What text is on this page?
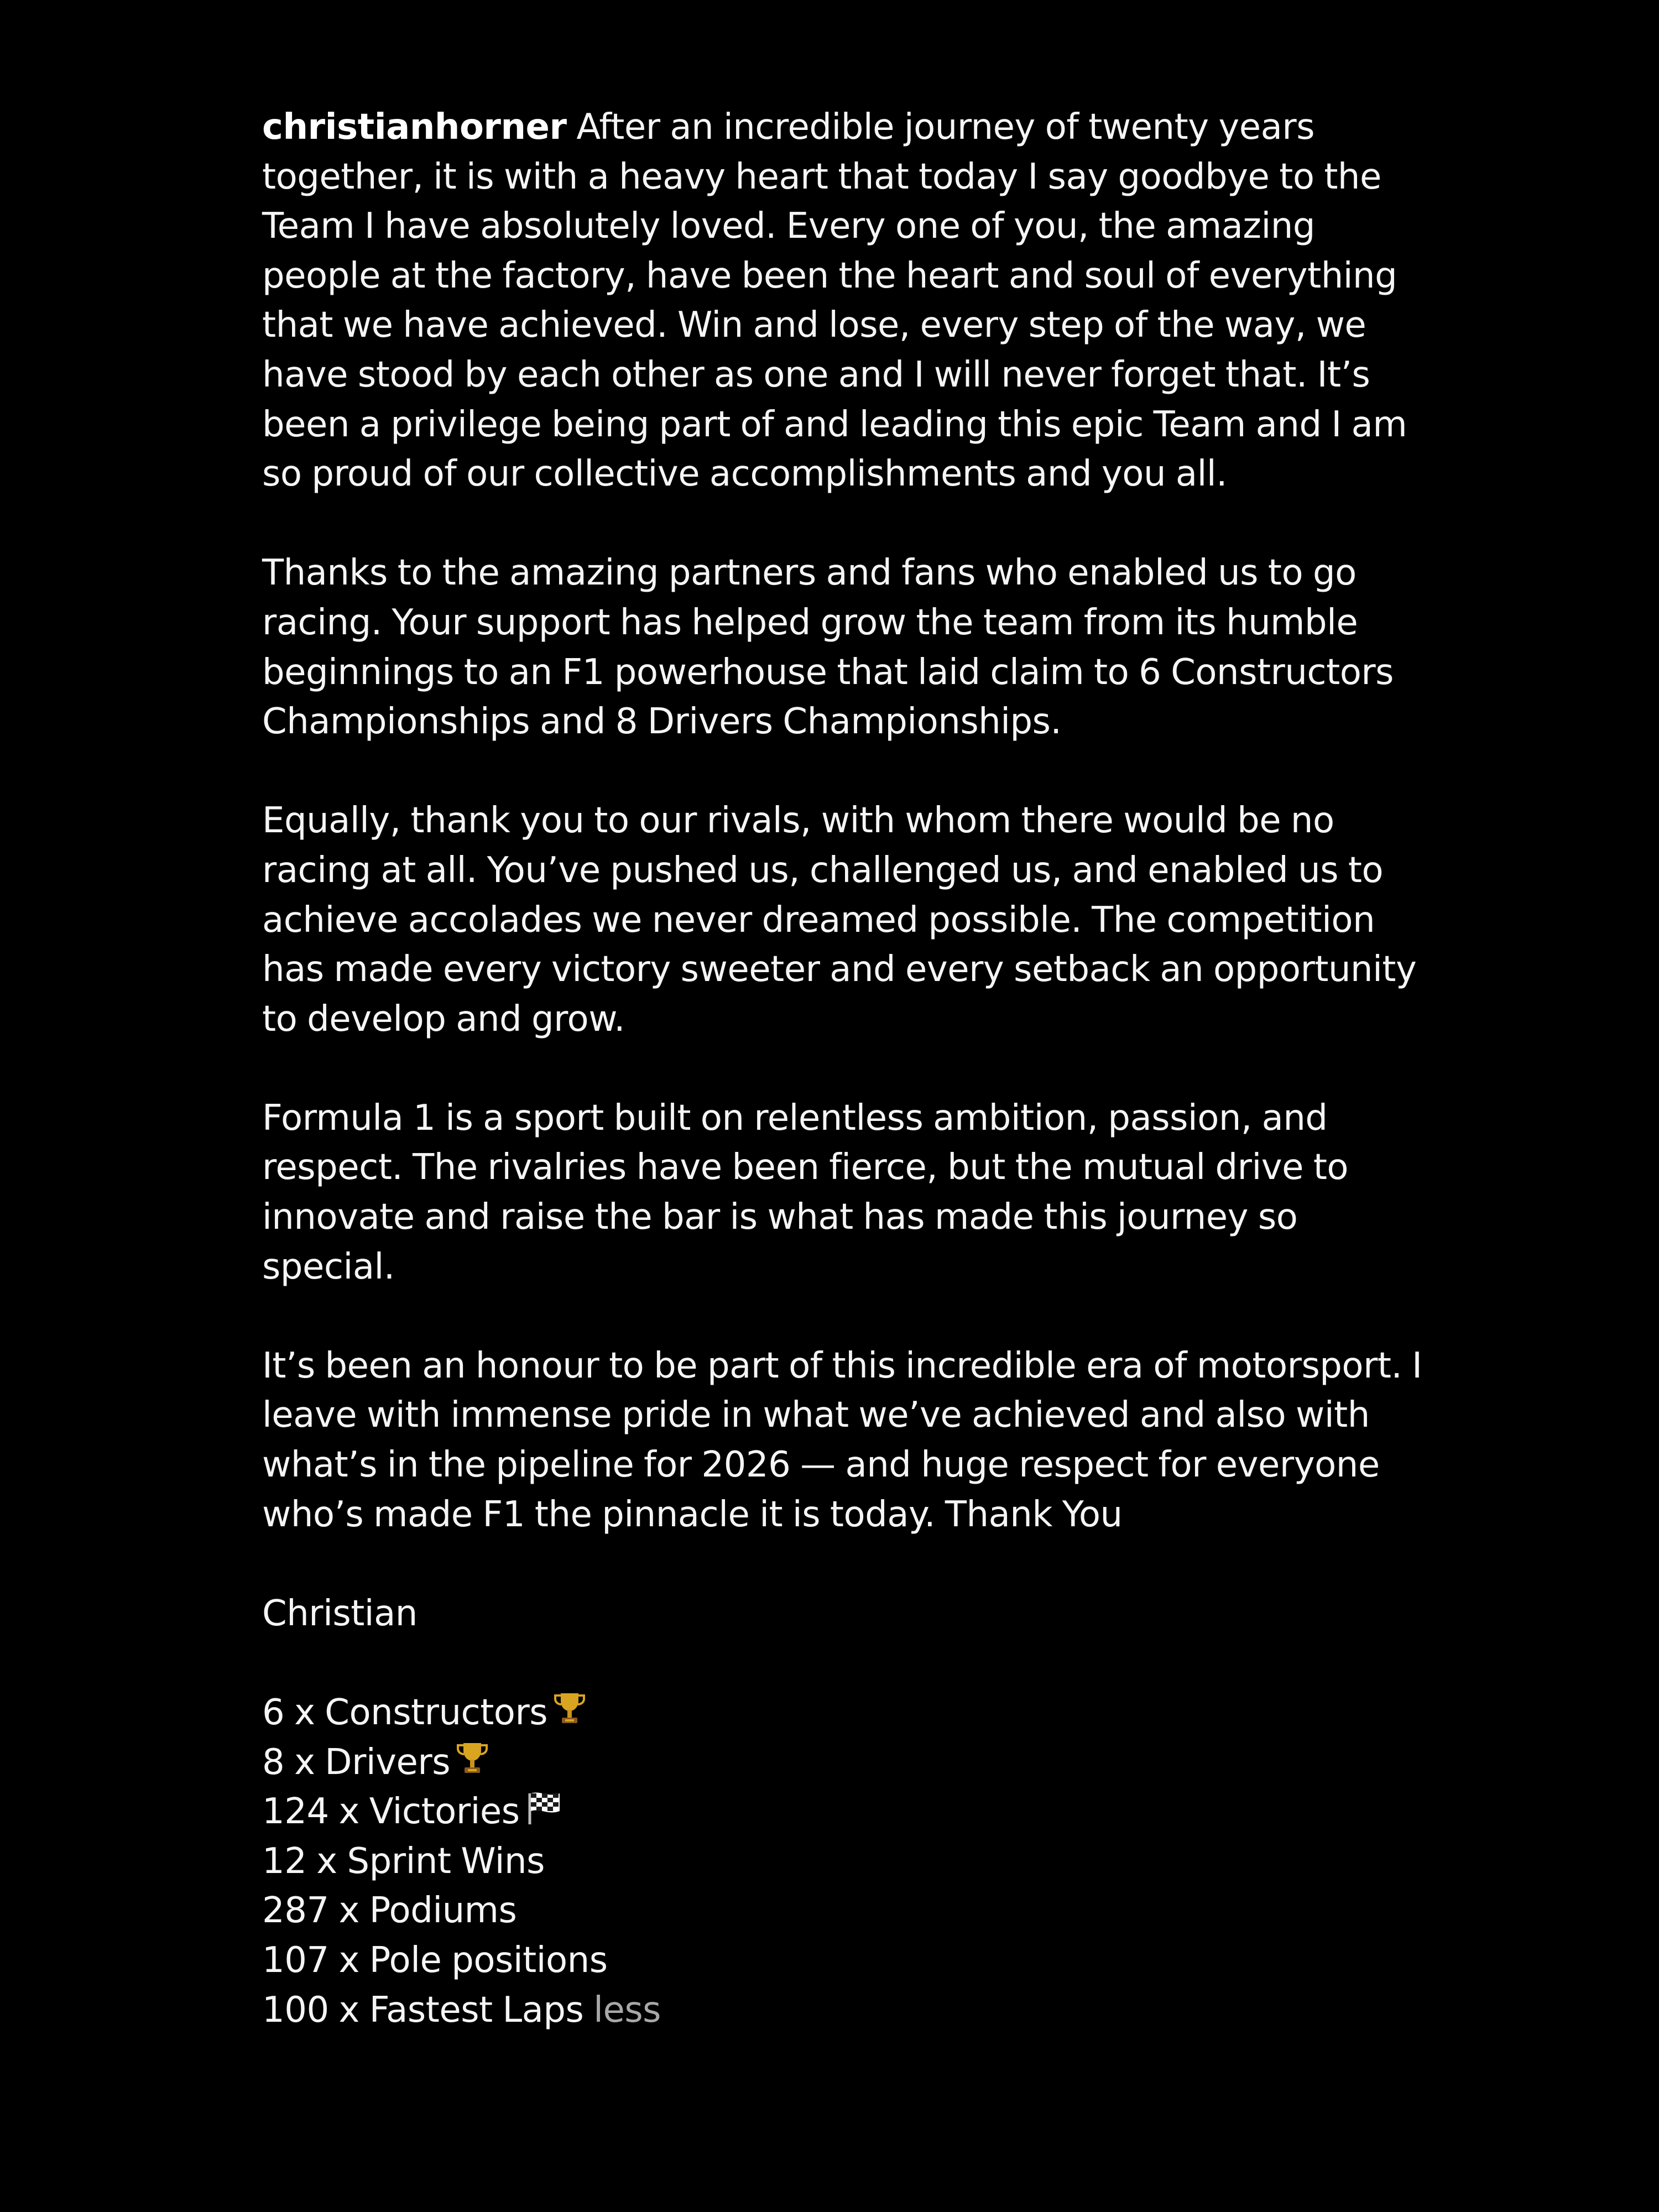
christianhorner After an incredible journey of twenty years together, it is with a heavy heart that today I say goodbye to the Team I have absolutely loved. Every one of you, the amazing people at the factory, have been the heart and soul of everything that we have achieved. Win and lose, every step of the way, we have stood by each other as one and I will never forget that. It’s been a privilege being part of and leading this epic Team and I am so proud of our collective accomplishments and you all.

Thanks to the amazing partners and fans who enabled us to go racing. Your support has helped grow the team from its humble beginnings to an F1 powerhouse that laid claim to 6 Constructors Championships and 8 Drivers Championships.

Equally, thank you to our rivals, with whom there would be no racing at all. You’ve pushed us, challenged us, and enabled us to achieve accolades we never dreamed possible. The competition has made every victory sweeter and every setback an opportunity to develop and grow.

Formula 1 is a sport built on relentless ambition, passion, and respect. The rivalries have been fierce, but the mutual drive to innovate and raise the bar is what has made this journey so special.

It’s been an honour to be part of this incredible era of motorsport. I leave with immense pride in what we’ve achieved and also with what’s in the pipeline for 2026 — and huge respect for everyone who’s made F1 the pinnacle it is today. Thank You

Christian

6 x Constructors
8 x Drivers
124 x Victories
12 x Sprint Wins
287 x Podiums
107 x Pole positions
100 x Fastest Laps less
